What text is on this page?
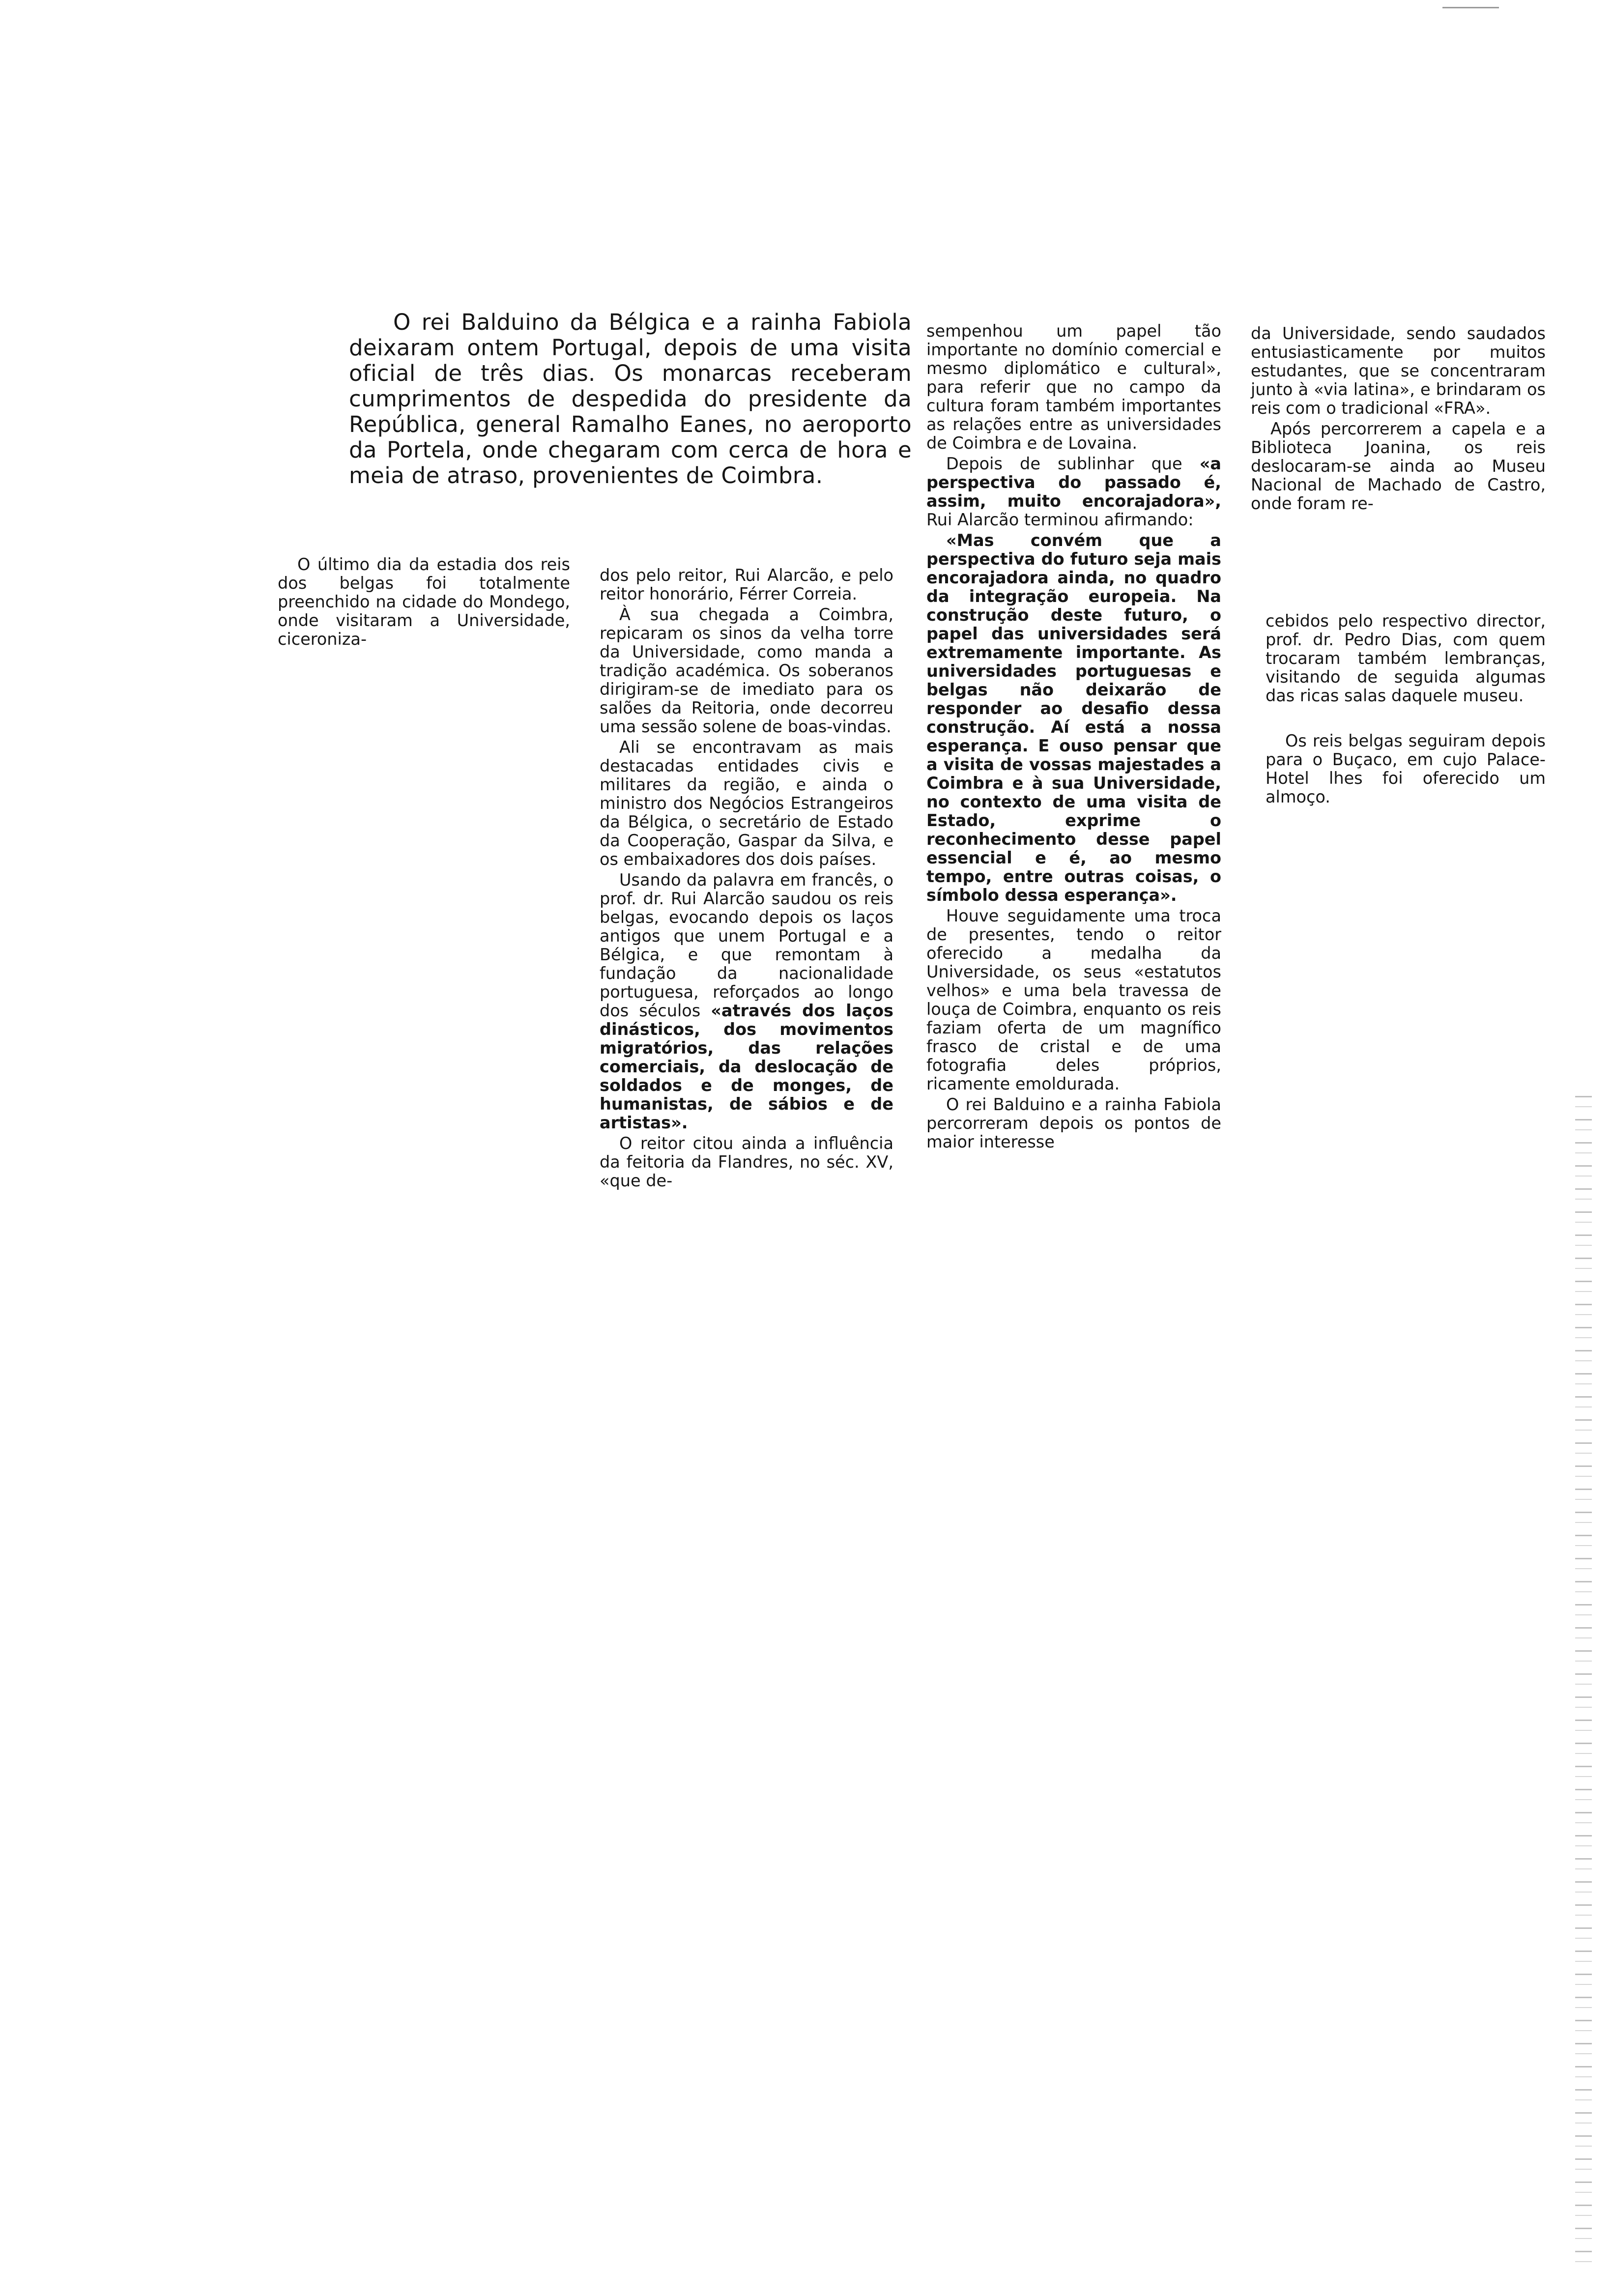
O rei Balduino da Bélgica e a rainha Fabiola deixaram ontem Portugal, depois de uma visita oficial de três dias. Os monarcas receberam cumprimentos de despedida do presidente da República, general Ramalho Eanes, no aeroporto da Portela, onde chegaram com cerca de hora e meia de atraso, provenientes de Coimbra.

O último dia da estadia dos reis dos belgas foi totalmente preenchido na cidade do Mondego, onde visitaram a Universidade, ciceroniza-

dos pelo reitor, Rui Alarcão, e pelo reitor honorário, Férrer Correia.

À sua chegada a Coimbra, repicaram os sinos da velha torre da Universidade, como manda a tradição académica. Os soberanos dirigiram-se de imediato para os salões da Reitoria, onde decorreu uma sessão solene de boas-vindas.

Ali se encontravam as mais destacadas entidades civis e militares da região, e ainda o ministro dos Negócios Estrangeiros da Bélgica, o secretário de Estado da Cooperação, Gaspar da Silva, e os embaixadores dos dois países.

Usando da palavra em francês, o prof. dr. Rui Alarcão saudou os reis belgas, evocando depois os laços antigos que unem Portugal e a Bélgica, e que remontam à fundação da nacionalidade portuguesa, reforçados ao longo dos séculos «através dos laços dinásticos, dos movimentos migratórios, das relações comerciais, da deslocação de soldados e de monges, de humanistas, de sábios e de artistas».

O reitor citou ainda a influência da feitoria da Flandres, no séc. XV, «que de-

sempenhou um papel tão importante no domínio comercial e mesmo diplomático e cultural», para referir que no campo da cultura foram também importantes as relações entre as universidades de Coimbra e de Lovaina.

Depois de sublinhar que «a perspectiva do passado é, assim, muito encorajadora», Rui Alarcão terminou afirmando:

«Mas convém que a perspectiva do futuro seja mais encorajadora ainda, no quadro da integração europeia. Na construção deste futuro, o papel das universidades será extremamente importante. As universidades portuguesas e belgas não deixarão de responder ao desafio dessa construção. Aí está a nossa esperança. E ouso pensar que a visita de vossas majestades a Coimbra e à sua Universidade, no contexto de uma visita de Estado, exprime o reconhecimento desse papel essencial e é, ao mesmo tempo, entre outras coisas, o símbolo dessa esperança».

Houve seguidamente uma troca de presentes, tendo o reitor oferecido a medalha da Universidade, os seus «estatutos velhos» e uma bela travessa de louça de Coimbra, enquanto os reis faziam oferta de um magnífico frasco de cristal e de uma fotografia deles próprios, ricamente emoldurada.

O rei Balduino e a rainha Fabiola percorreram depois os pontos de maior interesse

da Universidade, sendo saudados entusiasticamente por muitos estudantes, que se concentraram junto à «via latina», e brindaram os reis com o tradicional «FRA».

Após percorrerem a capela e a Biblioteca Joanina, os reis deslocaram-se ainda ao Museu Nacional de Machado de Castro, onde foram re-

cebidos pelo respectivo director, prof. dr. Pedro Dias, com quem trocaram também lembranças, visitando de seguida algumas das ricas salas daquele museu.

Os reis belgas seguiram depois para o Buçaco, em cujo Palace-Hotel lhes foi oferecido um almoço.
